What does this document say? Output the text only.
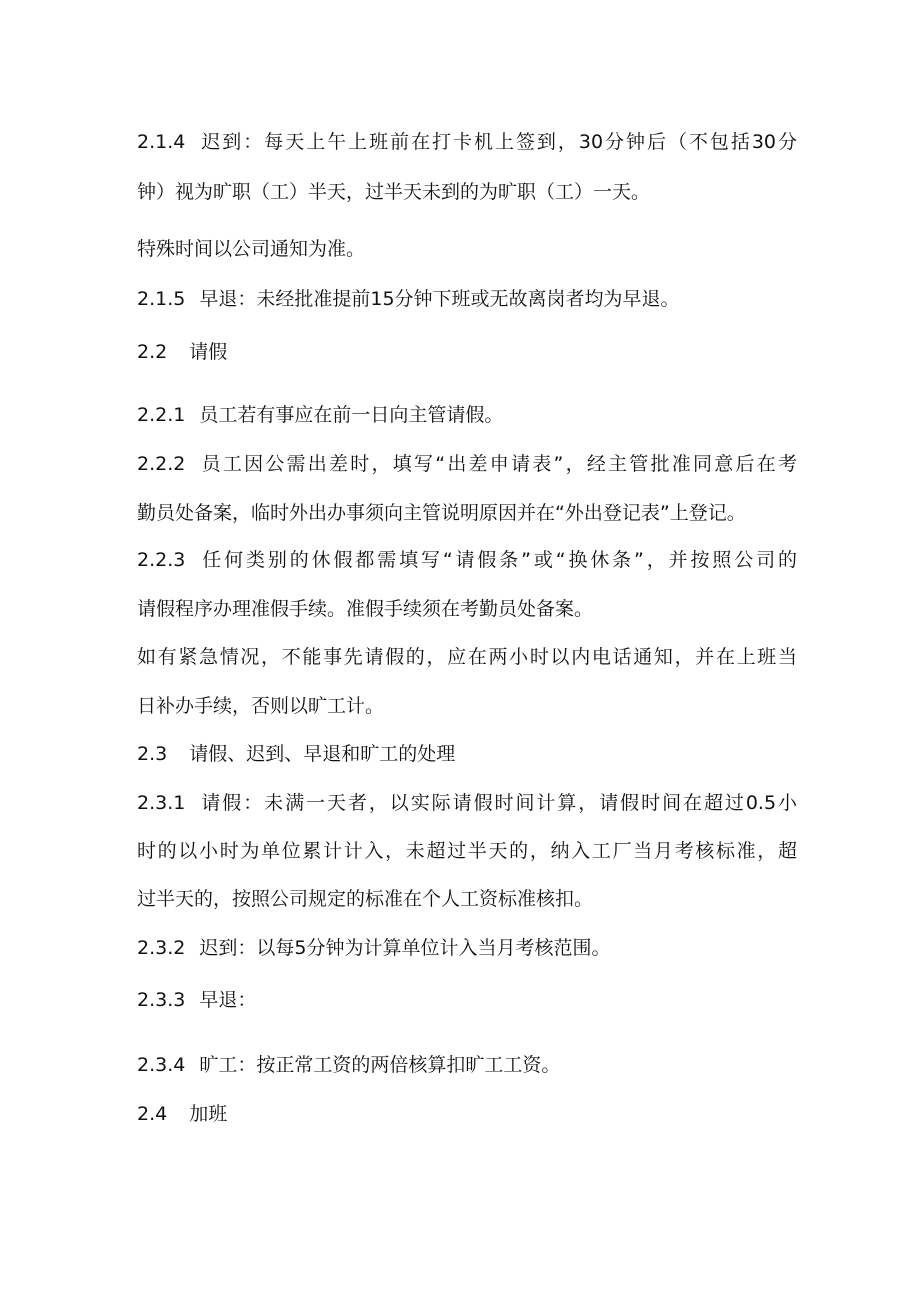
2.1.4 迟到：每天上午上班前在打卡机上签到，30分钟后（不包括30分
钟）视为旷职（工）半天，过半天未到的为旷职（工）一天。
特殊时间以公司通知为准。
2.1.5 早退：未经批准提前15分钟下班或无故离岗者均为早退。
2.2 请假
2.2.1 员工若有事应在前一日向主管请假。
2.2.2 员工因公需出差时，填写“出差申请表”，经主管批准同意后在考
勤员处备案，临时外出办事须向主管说明原因并在“外出登记表”上登记。
2.2.3 任何类别的休假都需填写“请假条”或“换休条”，并按照公司的
请假程序办理准假手续。准假手续须在考勤员处备案。
如有紧急情况，不能事先请假的，应在两小时以内电话通知，并在上班当
日补办手续，否则以旷工计。
2.3 请假、迟到、早退和旷工的处理
2.3.1 请假：未满一天者，以实际请假时间计算，请假时间在超过0.5小
时的以小时为单位累计计入，未超过半天的，纳入工厂当月考核标准，超
过半天的，按照公司规定的标准在个人工资标准核扣。
2.3.2 迟到：以每5分钟为计算单位计入当月考核范围。
2.3.3 早退：
2.3.4 旷工：按正常工资的两倍核算扣旷工工资。
2.4 加班
